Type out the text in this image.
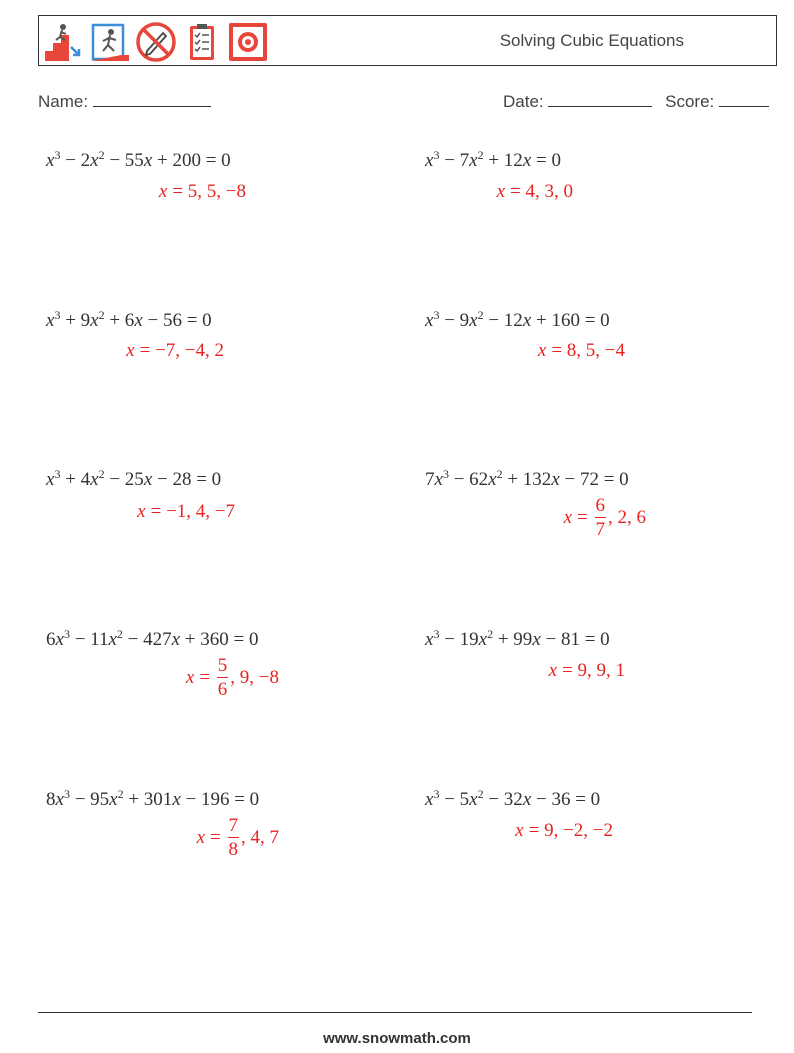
Solving Cubic Equations
Name:	Date:	Score:
$x^3 - 2x^2 - 55x + 200 = 0$
x =
5, 5, −8
$x^3 - 7x^2 + 12x = 0$
x =
4, 3, 0
$x^3 + 9x^2 + 6x - 56 = 0$
x =
−7, −4, 2
$x^3 - 9x^2 - 12x + 160 = 0$
x =
8, 5, −4
$x^3 + 4x^2 - 25x - 28 = 0$
x =
−1, 4, −7
$7x^3 - 62x^2 + 132x - 72 = 0$
x =
$\frac{6}{7}$ , 2, 6
$6x^3 - 11x^2 - 427x + 360 = 0$
x =
$\frac{5}{6}$ , 9, −8
$x^3 - 19x^2 + 99x - 81 = 0$
x =
9, 9, 1
$8x^3 - 95x^2 + 301x - 196 = 0$
x =
$\frac{7}{8}$ , 4, 7
$x^3 - 5x^2 - 32x - 36 = 0$
x =
9, −2, −2
www.snowmath.com
